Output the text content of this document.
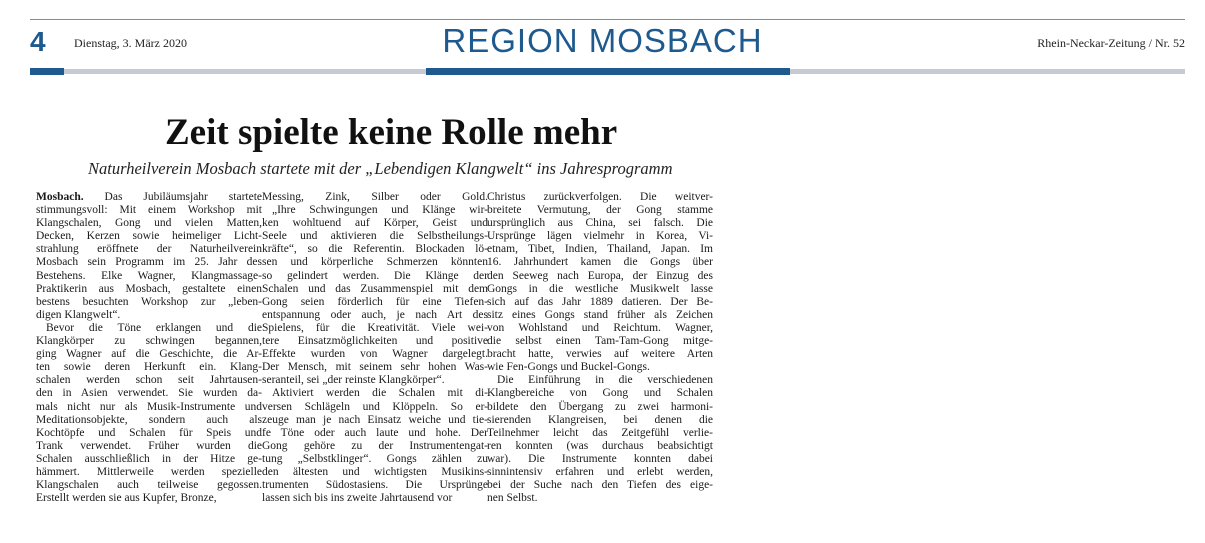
4 Dienstag, 3. März 2020	REGION MOSBACH	Rhein-Neckar-Zeitung / Nr. 52
Zeit spielte keine Rolle mehr
Naturheilverein Mosbach startete mit der „Lebendigen Klangwelt“ ins Jahresprogramm
Mosbach. Das Jubiläumsjahr startete
stimmungsvoll: Mit einem Workshop mit
Klangschalen, Gong und vielen Matten,
Decken, Kerzen sowie heimeliger Licht-
strahlung eröffnete der Naturheilverein
Mosbach sein Programm im 25. Jahr des
Bestehens. Elke Wagner, Klangmassage-
Praktikerin aus Mosbach, gestaltete einen
bestens besuchten Workshop zur „leben-
digen Klangwelt“.
Bevor die Töne erklangen und die
Klangkörper zu schwingen begannen,
ging Wagner auf die Geschichte, die Ar-
ten sowie deren Herkunft ein. Klang-
schalen werden schon seit Jahrtausen-
den in Asien verwendet. Sie wurden da-
mals nicht nur als Musik-Instrumente und
Meditationsobjekte, sondern auch als
Kochtöpfe und Schalen für Speis und
Trank verwendet. Früher wurden die
Schalen ausschließlich in der Hitze ge-
hämmert. Mittlerweile werden spezielle
Klangschalen auch teilweise gegossen.
Erstellt werden sie aus Kupfer, Bronze,
Messing, Zink, Silber oder Gold.
„Ihre Schwingungen und Klänge wir-
ken wohltuend auf Körper, Geist und
Seele und aktivieren die Selbstheilungs-
kräfte“, so die Referentin. Blockaden lö-
sen und körperliche Schmerzen könnten
so gelindert werden. Die Klänge der
Schalen und das Zusammenspiel mit dem
Gong seien förderlich für eine Tiefen-
entspannung oder auch, je nach Art des
Spielens, für die Kreativität. Viele wei-
tere Einsatzmöglichkeiten und positive
Effekte wurden von Wagner dargelegt.
Der Mensch, mit seinem sehr hohen Was-
seranteil, sei „der reinste Klangkörper“.
Aktiviert werden die Schalen mit di-
versen Schlägeln und Klöppeln. So er-
zeuge man je nach Einsatz weiche und tie-
fe Töne oder auch laute und hohe. Der
Gong gehöre zu der Instrumentengat-
tung „Selbstklinger“. Gongs zählen zu
den ältesten und wichtigsten Musikins-
trumenten Südostasiens. Die Ursprünge
lassen sich bis ins zweite Jahrtausend vor
Christus zurückverfolgen. Die weitver-
breitete Vermutung, der Gong stamme
ursprünglich aus China, sei falsch. Die
Ursprünge lägen vielmehr in Korea, Vi-
etnam, Tibet, Indien, Thailand, Japan. Im
16. Jahrhundert kamen die Gongs über
den Seeweg nach Europa, der Einzug des
Gongs in die westliche Musikwelt lasse
sich auf das Jahr 1889 datieren. Der Be-
sitz eines Gongs stand früher als Zeichen
von Wohlstand und Reichtum. Wagner,
die selbst einen Tam-Tam-Gong mitge-
bracht hatte, verwies auf weitere Arten
wie Fen-Gongs und Buckel-Gongs.
Die Einführung in die verschiedenen
Klangbereiche von Gong und Schalen
bildete den Übergang zu zwei harmoni-
sierenden Klangreisen, bei denen die
Teilnehmer leicht das Zeitgefühl verlie-
ren konnten (was durchaus beabsichtigt
war). Die Instrumente konnten dabei
sinnintensiv erfahren und erlebt werden,
bei der Suche nach den Tiefen des eige-
nen Selbst.
